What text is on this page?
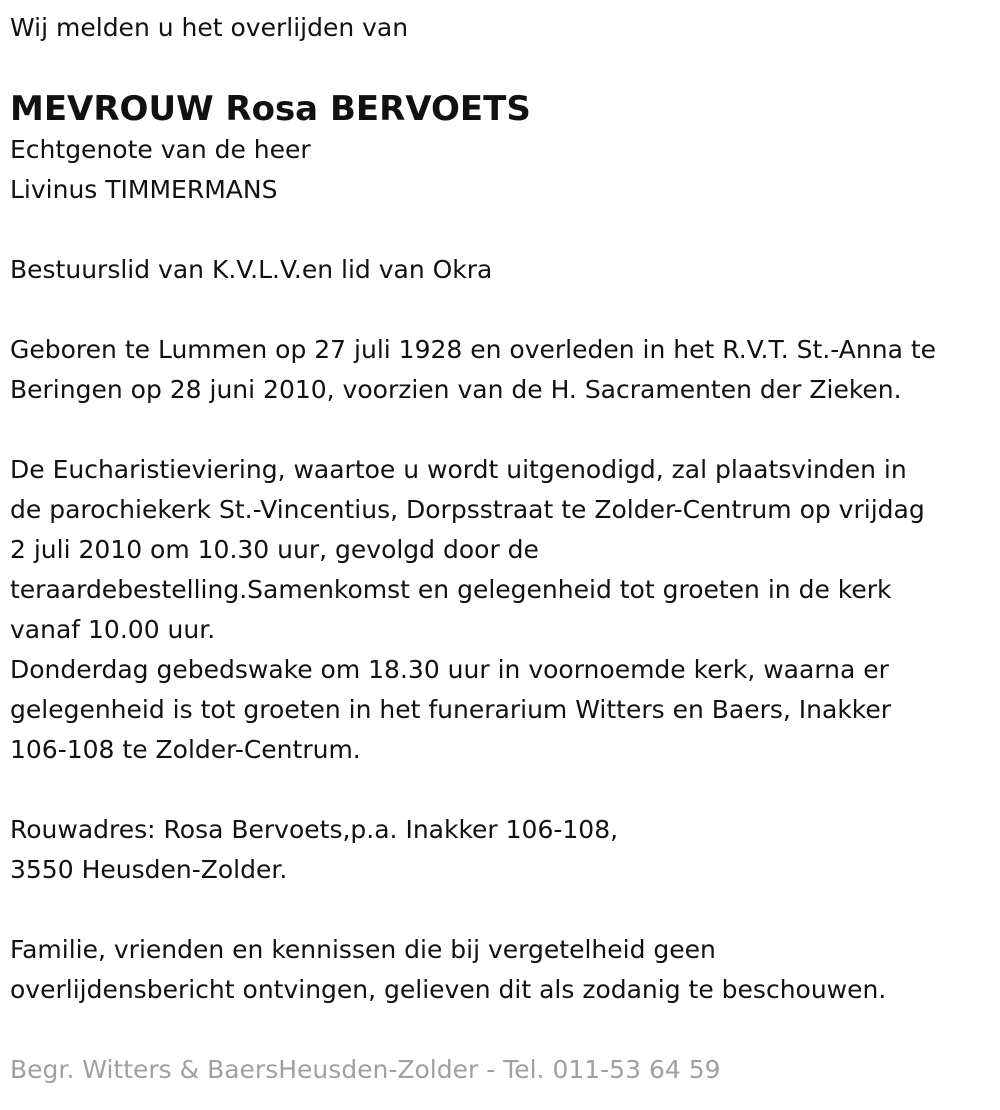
Wij melden u het overlijden van
MEVROUW Rosa BERVOETS
Echtgenote van de heer
Livinus TIMMERMANS
Bestuurslid van K.V.L.V.en lid van Okra
Geboren te Lummen op 27 juli 1928 en overleden in het R.V.T. St.-Anna te
Beringen op 28 juni 2010, voorzien van de H. Sacramenten der Zieken.
De Eucharistieviering, waartoe u wordt uitgenodigd, zal plaatsvinden in
de parochiekerk St.-Vincentius, Dorpsstraat te Zolder-Centrum op vrijdag
2 juli 2010 om 10.30 uur, gevolgd door de
teraardebestelling.Samenkomst en gelegenheid tot groeten in de kerk
vanaf 10.00 uur.
Donderdag gebedswake om 18.30 uur in voornoemde kerk, waarna er
gelegenheid is tot groeten in het funerarium Witters en Baers, Inakker
106-108 te Zolder-Centrum.
Rouwadres: Rosa Bervoets,p.a. Inakker 106-108,
3550 Heusden-Zolder.
Familie, vrienden en kennissen die bij vergetelheid geen
overlijdensbericht ontvingen, gelieven dit als zodanig te beschouwen.
Begr. Witters & BaersHeusden-Zolder - Tel. 011-53 64 59
